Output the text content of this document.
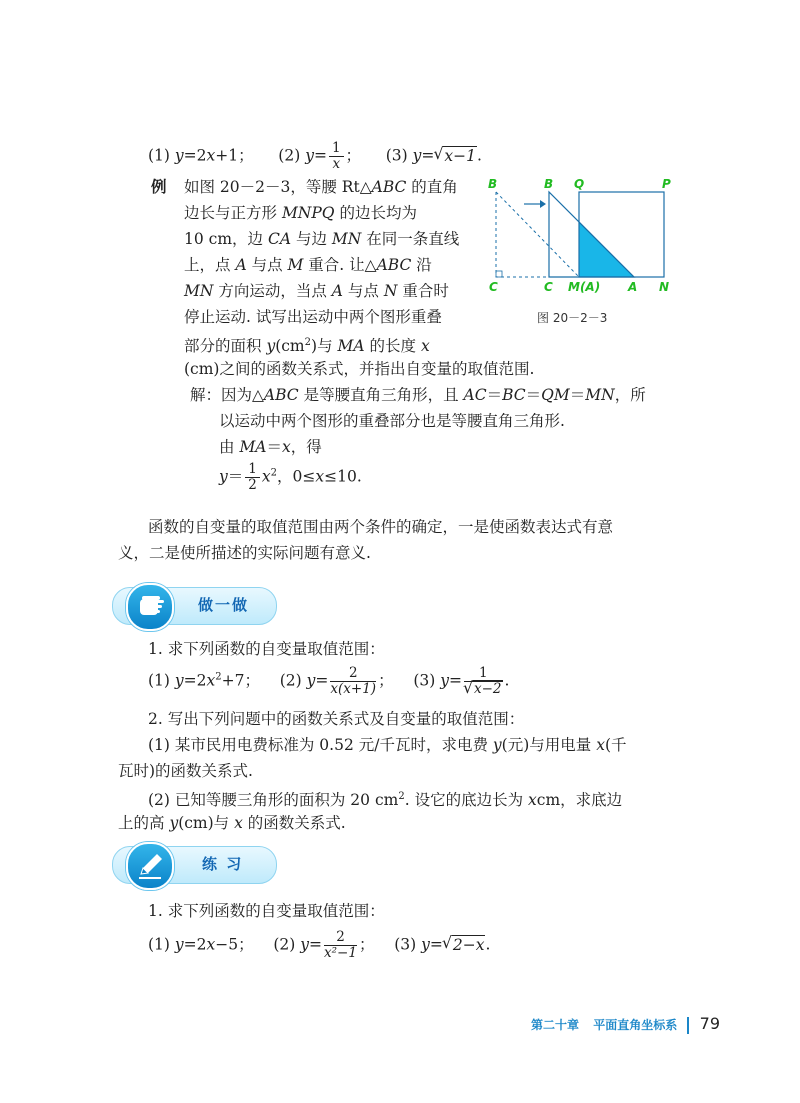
(1) y=2x+1； (2) $y= \frac{1}{x}$ ； (3) y= √ x−1.
例 如图 20－2－3，等腰 Rt△ABC 的直角
边长与正方形 MNPQ 的边长均为
10 cm，边 CA 与边 MN 在同一条直线
上，点 A 与点 M 重合. 让△ABC 沿
MN 方向运动，当点 A 与点 N 重合时
停止运动. 试写出运动中两个图形重叠
部分的面积 $y(cm^2)$与 MA 的长度 x
(cm)之间的函数关系式，并指出自变量的取值范围.
解：因为△ABC 是等腰直角三角形，且 AC＝BC＝QM＝MN，所
以运动中两个图形的重叠部分也是等腰直角三角形.
由 MA＝x，得
$y= \frac{1}{2} x^2$，0≤x≤10.
B	B Q	P
C	C M(A) A N
图 20－2－3
函数的自变量的取值范围由两个条件的确定，一是使函数表达式有意
义，二是使所描述的实际问题有意义.
做一做
1. 求下列函数的自变量取值范围：
(1) $y=2x^2+7$； (2) $y= \frac{2}{x(x+1)}$ ； (3) y= 1
√ x−2 .
2. 写出下列问题中的函数关系式及自变量的取值范围：
(1) 某市民用电费标准为 0.52 元/千瓦时，求电费 y(元)与用电量 x(千
瓦时)的函数关系式.
(2) 已知等腰三角形的面积为 20 $cm^2$. 设它的底边长为 xcm，求底边
上的高 y(cm)与 x 的函数关系式.
练 习
1. 求下列函数的自变量取值范围：
(1) y=2x−5； (2) $y= \frac{2}{\text{x²−1}}$ ； (3) y= √ 2−x.
第二十章 平面直角坐标系 79
